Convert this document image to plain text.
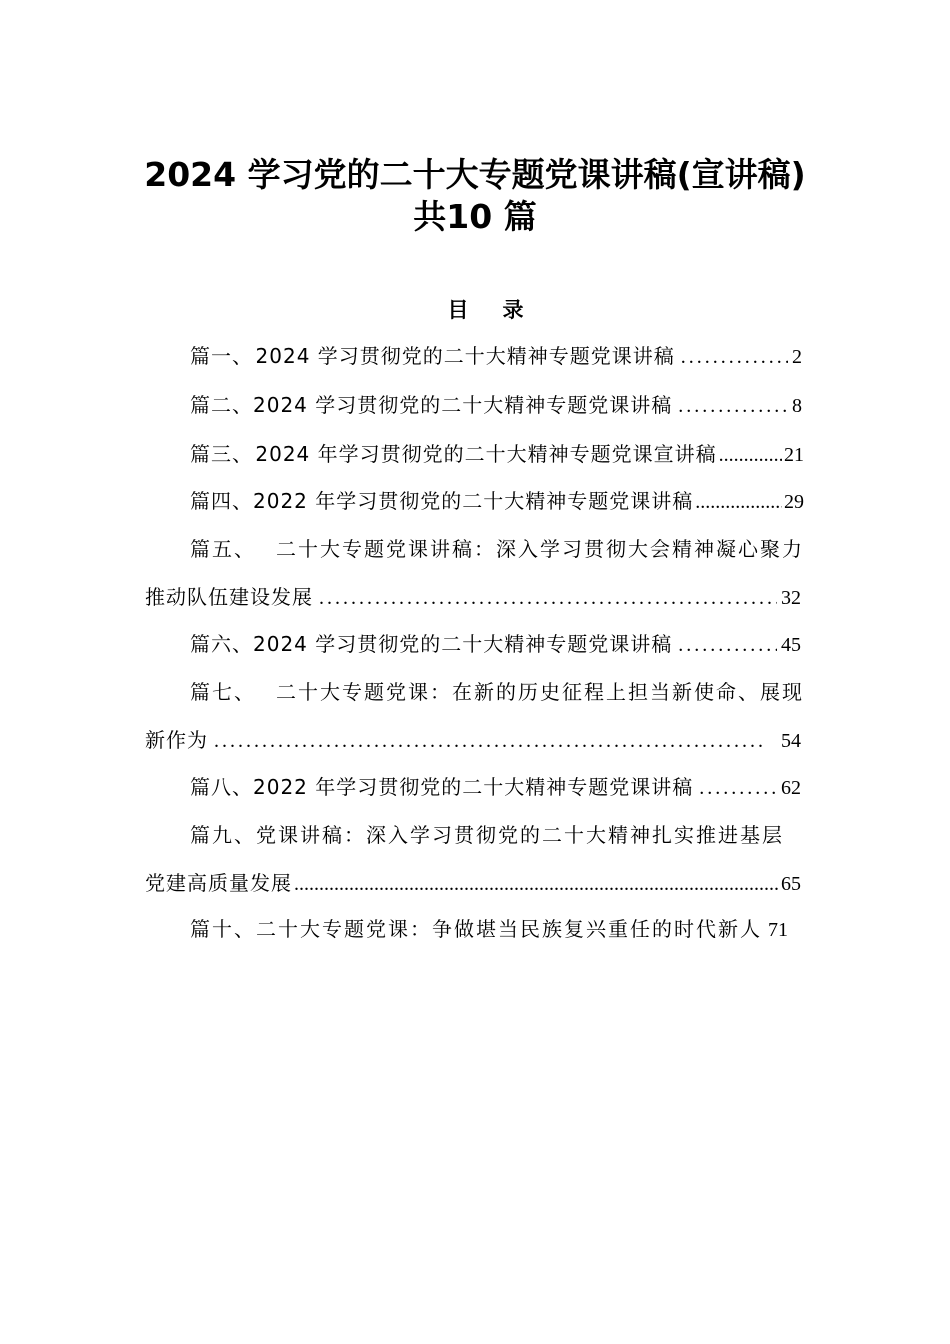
2024 学习党的二十大专题党课讲稿(宣讲稿)
共10 篇
目录
篇一、 2024 学习贯彻党的二十大精神专题党课讲稿 .....	2
篇二、 2024 学习贯彻党的二十大精神专题党课讲稿 .....	8
篇三、 2024 年学习贯彻党的二十大精神专题党课宣讲稿 .....	21
篇四、 2022 年学习贯彻党的二十大精神专题党课讲稿 .....	29
篇五、 二十大专题党课讲稿：深入学习贯彻大会精神凝心聚力
推动队伍建设发展 .....	32
篇六、 2024 学习贯彻党的二十大精神专题党课讲稿 .....	45
篇七、 二十大专题党课：在新的历史征程上担当新使命、展现
新作为 .....	54
篇八、 2022 年学习贯彻党的二十大精神专题党课讲稿 .....	62
篇九、 党课讲稿：深入学习贯彻党的二十大精神扎实推进基层
党建高质量发展 .....	65
篇十、 二十大专题党课：争做堪当民族复兴重任的时代新人 71
